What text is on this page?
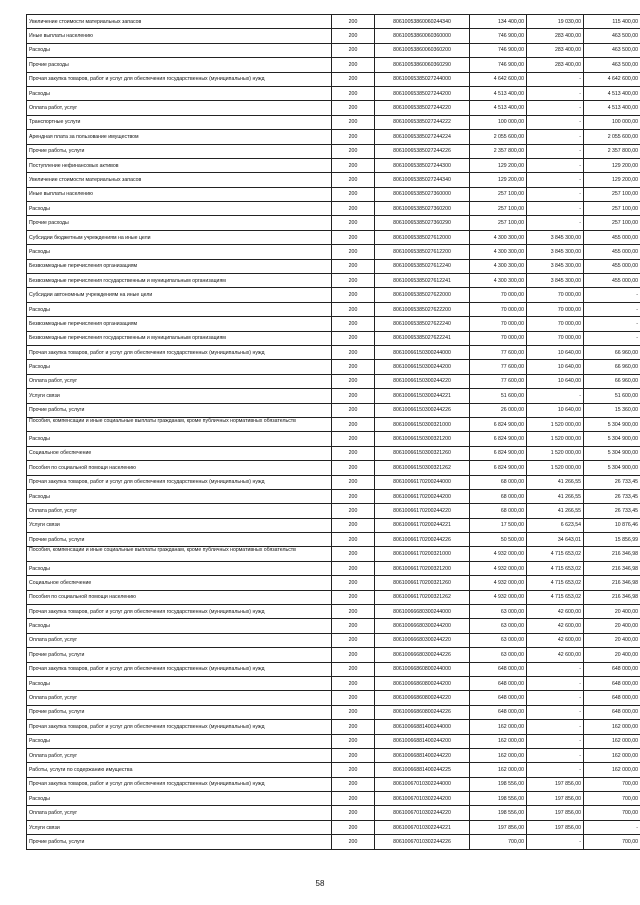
Увеличение стоимости материальных запасов	200	80610053860060244340	134 400,00	19 030,00	115 400,00
Иные выплаты населению	200	80610053860060360000	746 900,00	283 400,00	463 500,00
Расходы	200	80610053860060360200	746 900,00	283 400,00	463 500,00
Прочие расходы	200	80610053860060360290	746 900,00	283 400,00	463 500,00
Прочая закупка товаров, работ и услуг для обеспечения государственных (муниципальных) нужд	200	80610065385027244000	4 642 600,00	-	4 642 600,00
Расходы	200	80610065385027244200	4 513 400,00	-	4 513 400,00
Оплата работ, услуг	200	80610065385027244220	4 513 400,00	-	4 513 400,00
Транспортные услуги	200	80610065385027244222	100 000,00	-	100 000,00
Арендная плата за пользование имуществом	200	80610065385027244224	2 055 600,00	-	2 055 600,00
Прочие работы, услуги	200	80610065385027244226	2 357 800,00	-	2 357 800,00
Поступление нефинансовых активов	200	80610065385027244300	129 200,00	-	129 200,00
Увеличение стоимости материальных запасов	200	80610065385027244340	129 200,00	-	129 200,00
Иные выплаты населению	200	80610065385027360000	257 100,00	-	257 100,00
Расходы	200	80610065385027360200	257 100,00	-	257 100,00
Прочие расходы	200	80610065385027360290	257 100,00	-	257 100,00
Субсидии бюджетным учреждениям на иные цели	200	80610065385027612000	4 300 300,00	3 845 300,00	455 000,00
Расходы	200	80610065385027612200	4 300 300,00	3 845 300,00	455 000,00
Безвозмездные перечисления организациям	200	80610065385027612240	4 300 300,00	3 845 300,00	455 000,00
Безвозмездные перечисления государственным и муниципальным организациям	200	80610065385027612241	4 300 300,00	3 845 300,00	455 000,00
Субсидии автономным учреждениям на иные цели	200	80610065385027622000	70 000,00	70 000,00	-
Расходы	200	80610065385027622200	70 000,00	70 000,00	-
Безвозмездные перечисления организациям	200	80610065385027622240	70 000,00	70 000,00	-
Безвозмездные перечисления государственным и муниципальным организациям	200	80610065385027622241	70 000,00	70 000,00	-
Прочая закупка товаров, работ и услуг для обеспечения государственных (муниципальных) нужд	200	80610066150300244000	77 600,00	10 640,00	66 960,00
Расходы	200	80610066150300244200	77 600,00	10 640,00	66 960,00
Оплата работ, услуг	200	80610066150300244220	77 600,00	10 640,00	66 960,00
Услуги связи	200	80610066150300244221	51 600,00	-	51 600,00
Прочие работы, услуги	200	80610066150300244226	26 000,00	10 640,00	15 360,00
Пособия, компенсации и иные социальные выплаты гражданам, кроме публичных нормативных обязательств	200	80610066150300321000	6 824 900,00	1 520 000,00	5 304 900,00
Расходы	200	80610066150300321200	6 824 900,00	1 520 000,00	5 304 900,00
Социальное обеспечение	200	80610066150300321260	6 824 900,00	1 520 000,00	5 304 900,00
Пособия по социальной помощи населению	200	80610066150300321262	6 824 900,00	1 520 000,00	5 304 900,00
Прочая закупка товаров, работ и услуг для обеспечения государственных (муниципальных) нужд	200	80610066170200244000	68 000,00	41 266,55	26 733,45
Расходы	200	80610066170200244200	68 000,00	41 266,55	26 733,45
Оплата работ, услуг	200	80610066170200244220	68 000,00	41 266,55	26 733,45
Услуги связи	200	80610066170200244221	17 500,00	6 623,54	10 876,46
Прочие работы, услуги	200	80610066170200244226	50 500,00	34 643,01	15 856,99
Пособия, компенсации и иные социальные выплаты гражданам, кроме публичных нормативных обязательств	200	80610066170200321000	4 932 000,00	4 715 653,02	216 346,98
Расходы	200	80610066170200321200	4 932 000,00	4 715 653,02	216 346,98
Социальное обеспечение	200	80610066170200321260	4 932 000,00	4 715 653,02	216 346,98
Пособия по социальной помощи населению	200	80610066170200321262	4 932 000,00	4 715 653,02	216 346,98
Прочая закупка товаров, работ и услуг для обеспечения государственных (муниципальных) нужд	200	80610066680300244000	63 000,00	42 600,00	20 400,00
Расходы	200	80610066680300244200	63 000,00	42 600,00	20 400,00
Оплата работ, услуг	200	80610066680300244220	63 000,00	42 600,00	20 400,00
Прочие работы, услуги	200	80610066680300244226	63 000,00	42 600,00	20 400,00
Прочая закупка товаров, работ и услуг для обеспечения государственных (муниципальных) нужд	200	80610066860800244000	648 000,00	-	648 000,00
Расходы	200	80610066860800244200	648 000,00	-	648 000,00
Оплата работ, услуг	200	80610066860800244220	648 000,00	-	648 000,00
Прочие работы, услуги	200	80610066860800244226	648 000,00	-	648 000,00
Прочая закупка товаров, работ и услуг для обеспечения государственных (муниципальных) нужд	200	80610066881400244000	162 000,00	-	162 000,00
Расходы	200	80610066881400244200	162 000,00	-	162 000,00
Оплата работ, услуг	200	80610066881400244220	162 000,00	-	162 000,00
Работы, услуги по содержанию имущества	200	80610066881400244225	162 000,00	-	162 000,00
Прочая закупка товаров, работ и услуг для обеспечения государственных (муниципальных) нужд	200	80610067010302244000	198 556,00	197 856,00	700,00
Расходы	200	80610067010302244200	198 556,00	197 856,00	700,00
Оплата работ, услуг	200	80610067010302244220	198 556,00	197 856,00	700,00
Услуги связи	200	80610067010302244221	197 856,00	197 856,00	-
Прочие работы, услуги	200	80610067010302244226	700,00	-	700,00
58
